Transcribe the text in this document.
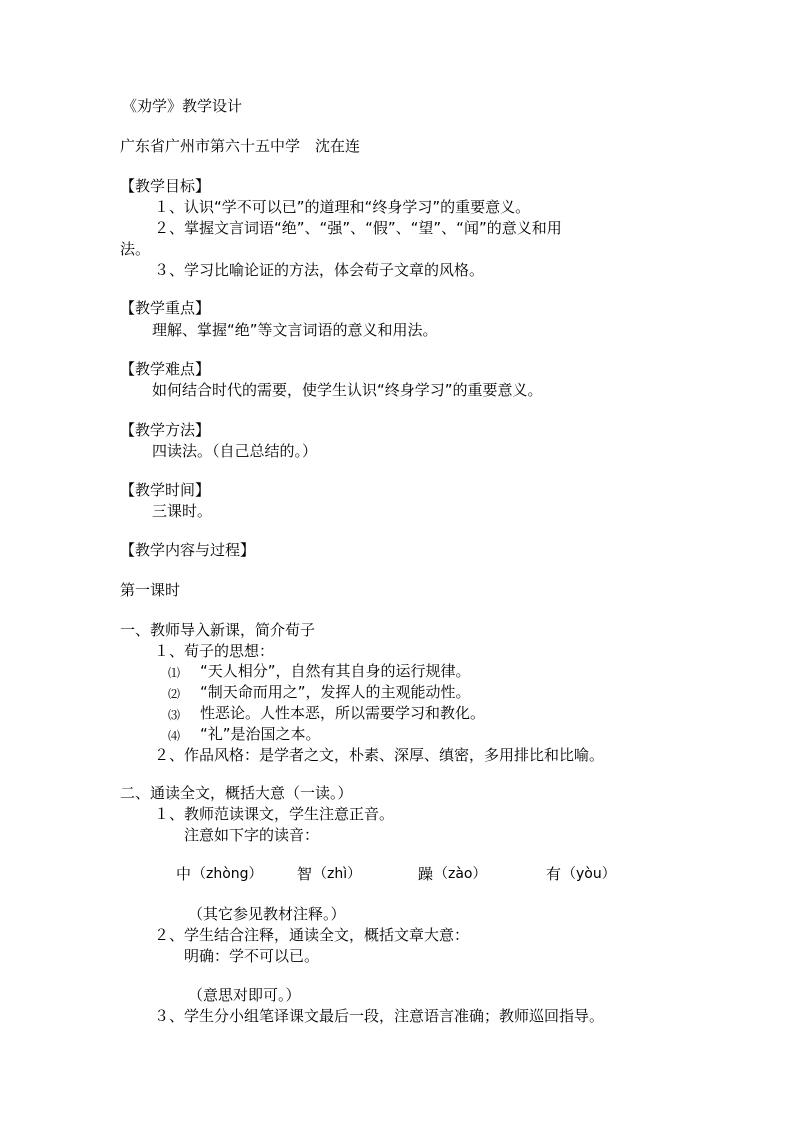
《劝学》教学设计
广东省广州市第六十五中学　沈在连
【教学目标】
１、认识“学不可以已”的道理和“终身学习”的重要意义。
２、掌握文言词语“绝”、“强”、“假”、“望”、“闻”的意义和用
法。
３、学习比喻论证的方法，体会荀子文章的风格。
【教学重点】
理解、掌握“绝”等文言词语的意义和用法。
【教学难点】
如何结合时代的需要，使学生认识“终身学习”的重要意义。
【教学方法】
四读法。（自己总结的。）
【教学时间】
三课时。
【教学内容与过程】
第一课时
一、教师导入新课，简介荀子
１、荀子的思想：
⑴ “天人相分”，自然有其自身的运行规律。
⑵ “制天命而用之”，发挥人的主观能动性。
⑶ 性恶论。人性本恶，所以需要学习和教化。
⑷ “礼”是治国之本。
２、作品风格：是学者之文，朴素、深厚、缜密，多用排比和比喻。
二、通读全文，概括大意（一读。）
１、教师范读课文，学生注意正音。
注意如下字的读音：
中 （zhòng） 智 （zhì）	躁 （zào）	有 （yòu）
（其它参见教材注释。）
２、学生结合注释，通读全文，概括文章大意：
明确：学不可以已。
（意思对即可。）
３、学生分小组笔译课文最后一段，注意语言准确；教师巡回指导。
